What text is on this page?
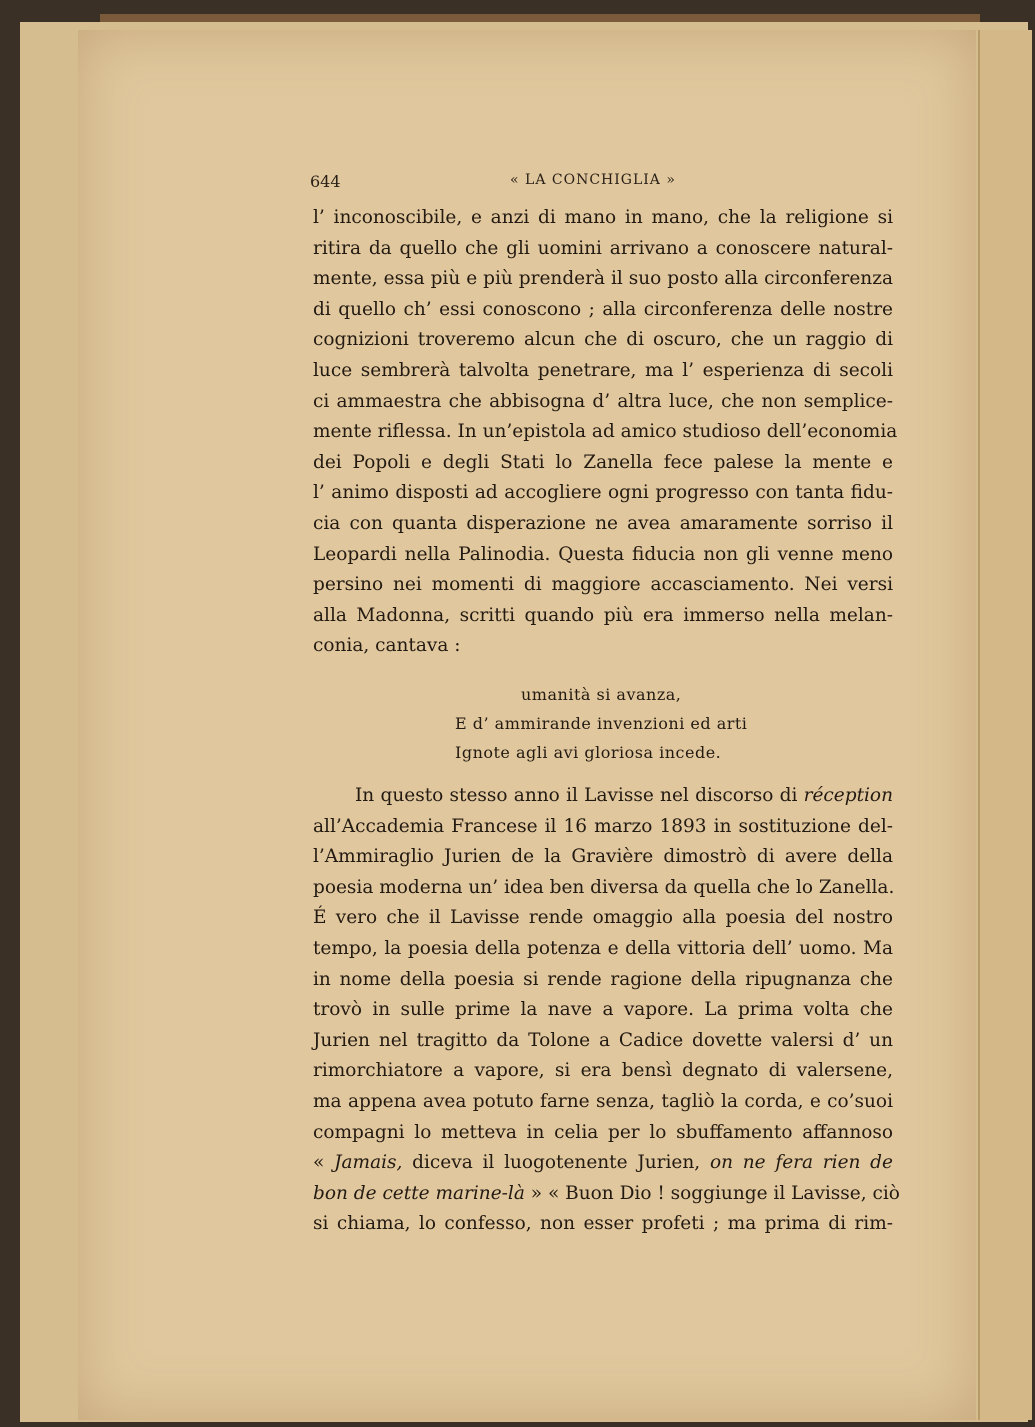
644	« LA CONCHIGLIA »
l’ inconoscibile, e anzi di mano in mano, che la religione si
ritira da quello che gli uomini arrivano a conoscere natural-
mente, essa più e più prenderà il suo posto alla circonferenza
di quello ch’ essi conoscono ; alla circonferenza delle nostre
cognizioni troveremo alcun che di oscuro, che un raggio di
luce sembrerà talvolta penetrare, ma l’ esperienza di secoli
ci ammaestra che abbisogna d’ altra luce, che non semplice-
mente riflessa. In un’epistola ad amico studioso dell’economia
dei Popoli e degli Stati lo Zanella fece palese la mente e
l’ animo disposti ad accogliere ogni progresso con tanta fidu-
cia con quanta disperazione ne avea amaramente sorriso il
Leopardi nella Palinodia. Questa fiducia non gli venne meno
persino nei momenti di maggiore accasciamento. Nei versi
alla Madonna, scritti quando più era immerso nella melan-
conia, cantava :
umanità si avanza,
E d’ ammirande invenzioni ed arti
Ignote agli avi gloriosa incede.
In questo stesso anno il Lavisse nel discorso di réception
all’Accademia Francese il 16 marzo 1893 in sostituzione del-
l’Ammiraglio Jurien de la Gravière dimostrò di avere della
poesia moderna un’ idea ben diversa da quella che lo Zanella.
É vero che il Lavisse rende omaggio alla poesia del nostro
tempo, la poesia della potenza e della vittoria dell’ uomo. Ma
in nome della poesia si rende ragione della ripugnanza che
trovò in sulle prime la nave a vapore. La prima volta che
Jurien nel tragitto da Tolone a Cadice dovette valersi d’ un
rimorchiatore a vapore, si era bensì degnato di valersene,
ma appena avea potuto farne senza, tagliò la corda, e co’suoi
compagni lo metteva in celia per lo sbuffamento affannoso
« Jamais, diceva il luogotenente Jurien, on ne fera rien de
bon de cette marine-là » « Buon Dio ! soggiunge il Lavisse, ciò
si chiama, lo confesso, non esser profeti ; ma prima di rim-
